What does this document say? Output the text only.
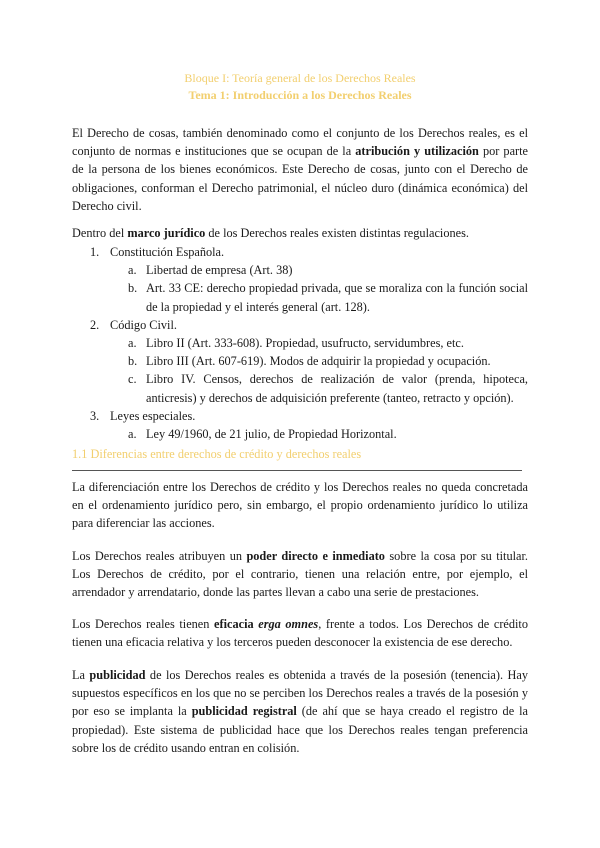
Bloque I: Teoría general de los Derechos Reales
Tema 1: Introducción a los Derechos Reales

El Derecho de cosas, también denominado como el conjunto de los Derechos reales, es el conjunto de normas e instituciones que se ocupan de la atribución y utilización por parte de la persona de los bienes económicos. Este Derecho de cosas, junto con el Derecho de obligaciones, conforman el Derecho patrimonial, el núcleo duro (dinámica económica) del Derecho civil.

Dentro del marco jurídico de los Derechos reales existen distintas regulaciones.

1. Constitución Española.
a. Libertad de empresa (Art. 38)
b. Art. 33 CE: derecho propiedad privada, que se moraliza con la función social de la propiedad y el interés general (art. 128).
2. Código Civil.
a. Libro II (Art. 333-608). Propiedad, usufructo, servidumbres, etc.
b. Libro III (Art. 607-619). Modos de adquirir la propiedad y ocupación.
c. Libro IV. Censos, derechos de realización de valor (prenda, hipoteca, anticresis) y derechos de adquisición preferente (tanteo, retracto y opción).
3. Leyes especiales.
a. Ley 49/1960, de 21 julio, de Propiedad Horizontal.
1.1 Diferencias entre derechos de crédito y derechos reales

La diferenciación entre los Derechos de crédito y los Derechos reales no queda concretada en el ordenamiento jurídico pero, sin embargo, el propio ordenamiento jurídico lo utiliza para diferenciar las acciones.

Los Derechos reales atribuyen un poder directo e inmediato sobre la cosa por su titular. Los Derechos de crédito, por el contrario, tienen una relación entre, por ejemplo, el arrendador y arrendatario, donde las partes llevan a cabo una serie de prestaciones.

Los Derechos reales tienen eficacia erga omnes, frente a todos. Los Derechos de crédito tienen una eficacia relativa y los terceros pueden desconocer la existencia de ese derecho.

La publicidad de los Derechos reales es obtenida a través de la posesión (tenencia). Hay supuestos específicos en los que no se perciben los Derechos reales a través de la posesión y por eso se implanta la publicidad registral (de ahí que se haya creado el registro de la propiedad). Este sistema de publicidad hace que los Derechos reales tengan preferencia sobre los de crédito usando entran en colisión.
